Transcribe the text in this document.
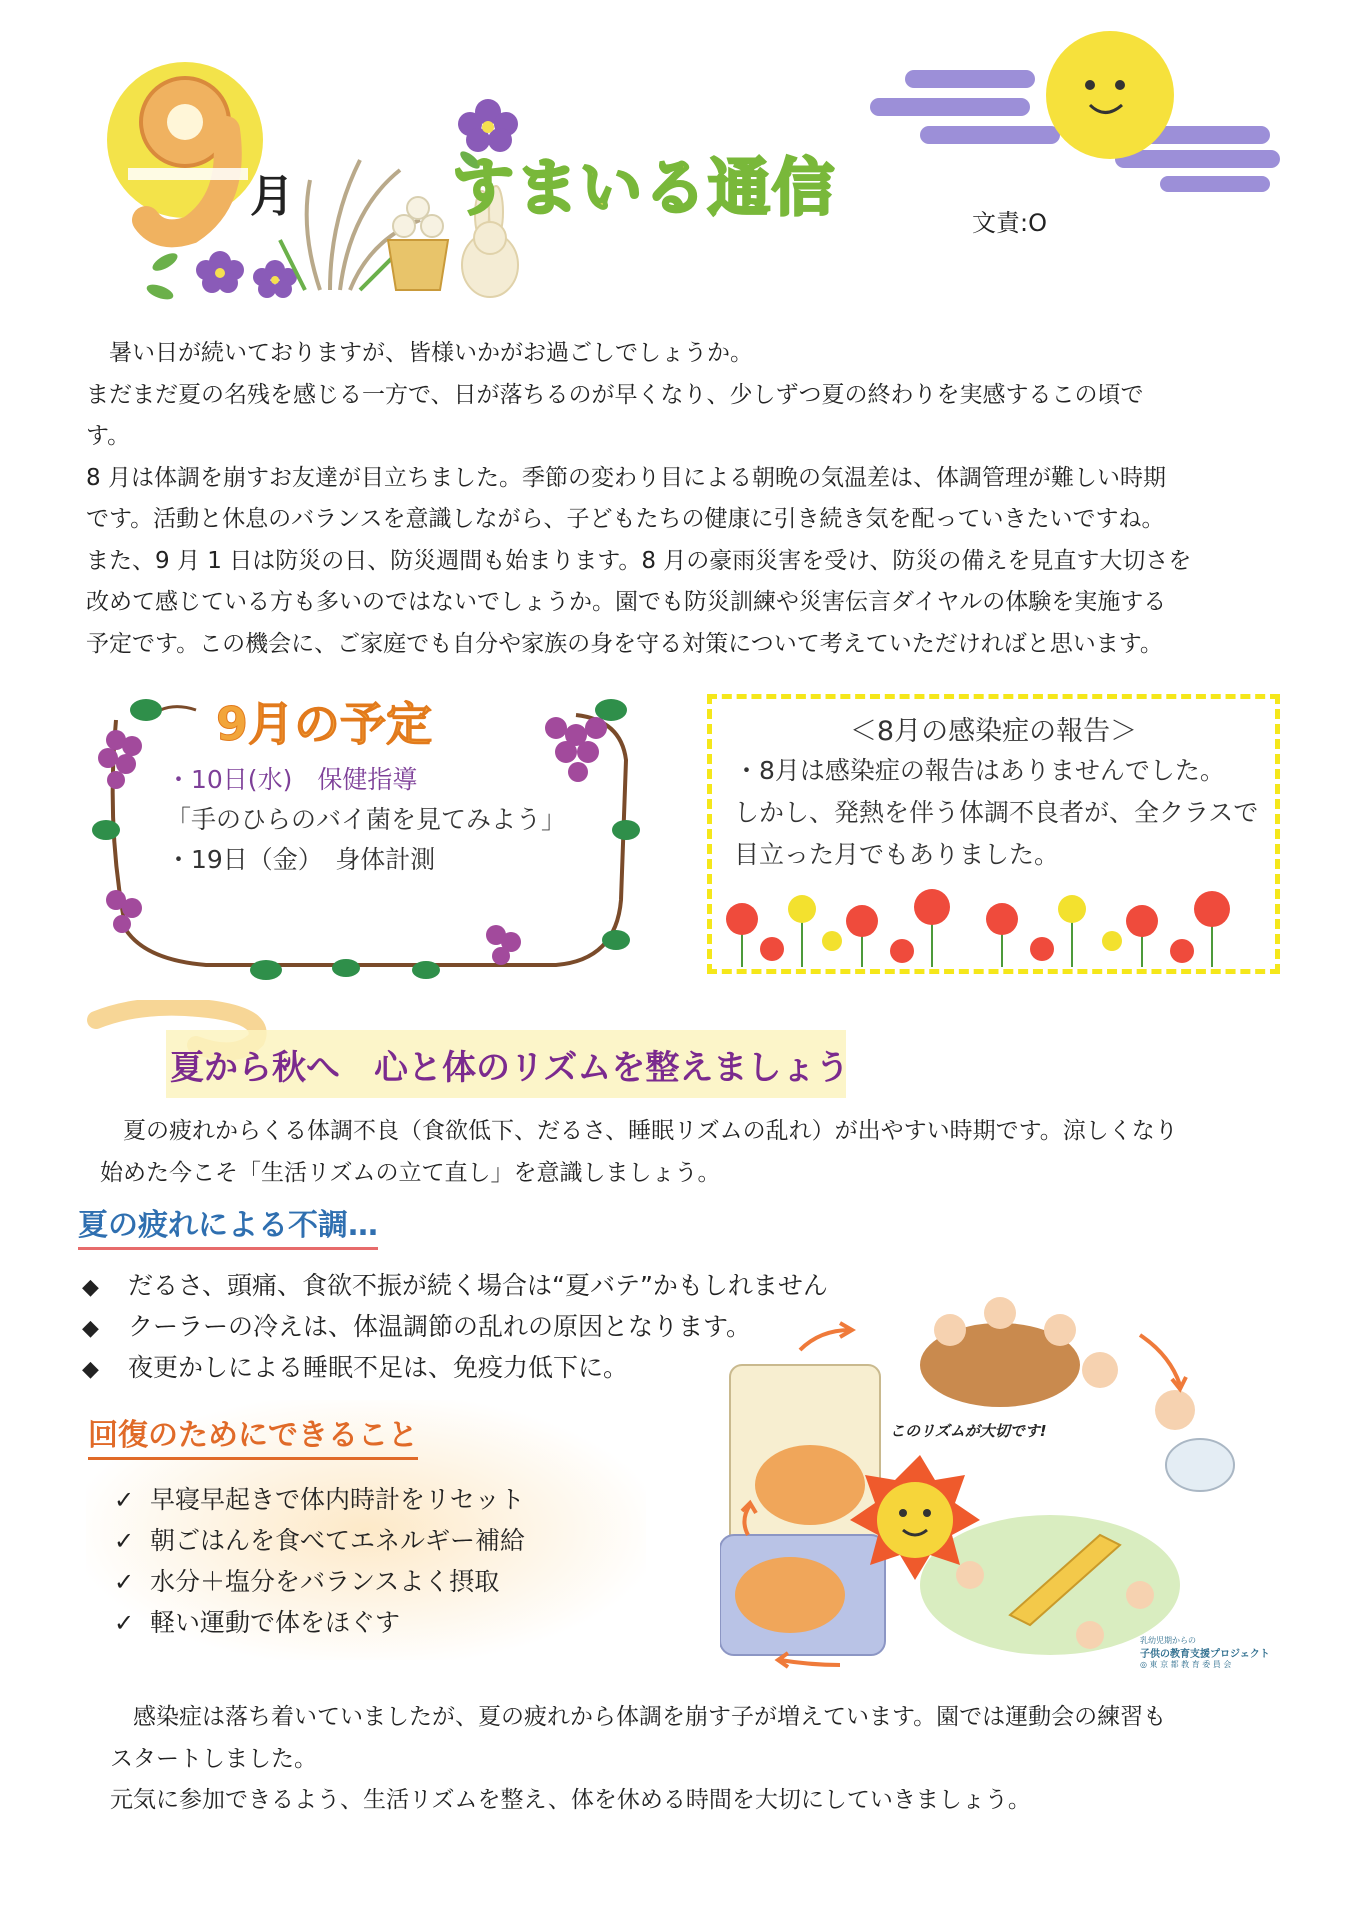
月	すまいる通信	文責:O

　暑い日が続いておりますが、皆様いかがお過ごしでしょうか。

まだまだ夏の名残を感じる一方で、日が落ちるのが早くなり、少しずつ夏の終わりを実感するこの頃で

す。

8 月は体調を崩すお友達が目立ちました。季節の変わり目による朝晩の気温差は、体調管理が難しい時期

です。活動と休息のバランスを意識しながら、子どもたちの健康に引き続き気を配っていきたいですね。

また、9 月 1 日は防災の日、防災週間も始まります。8 月の豪雨災害を受け、防災の備えを見直す大切さを

改めて感じている方も多いのではないでしょうか。園でも防災訓練や災害伝言ダイヤルの体験を実施する

予定です。この機会に、ご家庭でも自分や家族の身を守る対策について考えていただければと思います。

9月の予定
・10日(水)　保健指導
「手のひらのバイ菌を見てみよう」
・19日（金）　身体計測
＜8月の感染症の報告＞
・8月は感染症の報告はありませんでした。
しかし、発熱を伴う体調不良者が、全クラスで
目立った月でもありました。
夏から秋へ　心と体のリズムを整えましょう

　夏の疲れからくる体調不良（食欲低下、だるさ、睡眠リズムの乱れ）が出やすい時期です。涼しくなり

始めた今こそ「生活リズムの立て直し」を意識しましょう。

夏の疲れによる不調…
◆ だるさ、頭痛、食欲不振が続く場合は“夏バテ”かもしれません
◆ クーラーの冷えは、体温調節の乱れの原因となります。
◆ 夜更かしによる睡眠不足は、免疫力低下に。
回復のためにできること
✓ 早寝早起きで体内時計をリセット
✓ 朝ごはんを食べてエネルギー補給
✓ 水分＋塩分をバランスよく摂取
✓ 軽い運動で体をほぐす
このリズムが大切です!
乳幼児期からの
子供の教育支援プロジェクト
◎ 東 京 都 教 育 委 員 会

　感染症は落ち着いていましたが、夏の疲れから体調を崩す子が増えています。園では運動会の練習も

スタートしました。

元気に参加できるよう、生活リズムを整え、体を休める時間を大切にしていきましょう。
